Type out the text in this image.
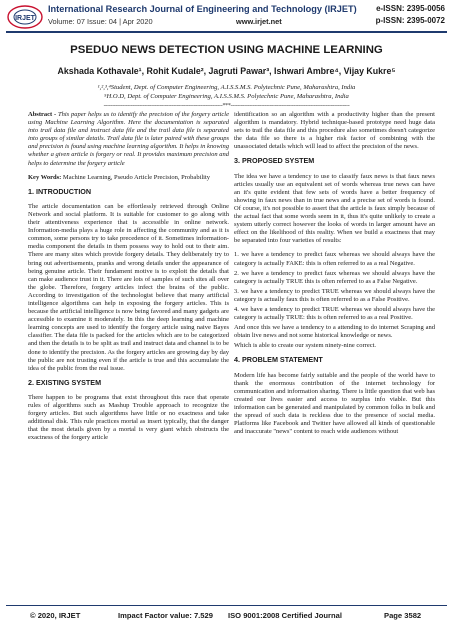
IRJET
International Research Journal of Engineering and Technology (IRJET) e-ISSN: 2395-0056
Volume: 07 Issue: 04 | Apr 2020	www.irjet.net	p-ISSN: 2395-0072
PSEDUO NEWS DETECTION USING MACHINE LEARNING
Akshada Kothavale¹, Rohit Kudale², Jagruti Pawar³, Ishwari Ambre⁴, Vijay Kukre⁵
¹,²,³,⁴Student, Dept. of Computer Engineering, A.I.S.S.M.S. Polytechnic Pune, Maharashtra, India
⁵H.O.D, Dept. of Computer Engineering, A.I.S.S.M.S. Polytechnic Pune, Maharashtra, India
----------------------------------------------------------------------***----------------------------------------------------------------------

Abstract - This paper helps us to identify the precision of the forgery article using Machine Learning Algorithm. Here the documentation is separated into trail data file and instruct data file and the trail data file is separated into groups of similar details. Trail data file is later paired with these groups and precision is found using machine learning algorithm. It helps in knowing whether a given article is forgery or real. It provides maximum precision and helps to determine the forgery article

Key Words: Machine Learning, Pseudo Article Precision, Probability

1. INTRODUCTION

The article documentation can be effortlessly retrieved through Online Network and social platform. It is suitable for customer to go along with their attentiveness experience that is accessible in online network. Information-media plays a huge role in affecting the community and as it is common, some persons try to take precedence of it. Sometimes information- media component the details in them possess way to hold out to their aim. There are many sites which provide forgery details. They deliberately try to bring out advertisements, pranks and wrong details under the appearance of being genuine article. Their fundament motive is to exploit the details that can make audience trust in it. There are lots of samples of such sites all over the globe. Therefore, forgery articles infect the brains of the public. According to investigation of the technologist believe that many artificial intelligence algorithms can help in exposing the forgery articles. This is because the artificial intelligence is now being favored and many gadgets are accessible to examine it moderately. In this the deep learning and machine learning concepts are used to identify the forgery article using naive Bayes classifier. The data file is packed for the articles which are to be categorized and then the details is to be split as trail and instruct data and channel is to be done to identify the precision. As the forgery articles are growing day by day the public are not trusting even if the article is true and this accumulate the idea of the public from the real issue.

2. EXISTING SYSTEM

There happen to be programs that exist throughout this race that operate rules of algorithms such as Mashup Trouble approach to recognize the forgery articles. But such algorithms have little or no exactness and take additional disk. This rule practices mortal as insert typically, that the danger that the most details given by a mortal is very giant which obstructs the exactness of the forgery article

identification so an algorithm with a productivity higher than the present algorithm is mandatory. Hybrid technique-based prototype need huge data sets to trail the data file and this procedure also sometimes doesn't categorize the data file so there is a higher risk factor of combining with the unassociated details which will lead to affect the precision of the news.

3. PROPOSED SYSTEM

The idea we have a tendency to use to classify faux news is that faux news articles usually use an equivalent set of words whereas true news can have an it's quite evident that few sets of words have a better frequency of showing in faux news than in true news and a precise set of words is found. Of course, it's not possible to assert that the article is faux simply because of the actual fact that some words seem in it, thus it's quite unlikely to create a system utterly correct however the looks of words in larger amount have an effect on the likelihood of this reality. When we build a exactness that may be separated into four varieties of results:

1. we have a tendency to predict faux whereas we should always have the category is actually FAKE: this is often referred to as a real Negative.

2. we have a tendency to predict faux whereas we should always have the category is actually TRUE this is often referred to as a False Negative.

3. we have a tendency to predict TRUE whereas we should always have the category is actually faux this is often referred to as a False Positive.

4. we have a tendency to predict TRUE whereas we should always have the category is actually TRUE: this is often referred to as a real Positive.

And once this we have a tendency to a attending to do internet Scraping and obtain live news and not some historical knowledge or news.

Which is able to create our system ninety-nine correct.

4. PROBLEM STATEMENT

Modern life has become fairly suitable and the people of the world have to thank the enormous contribution of the internet technology for communication and information sharing. There is little question that web has created our lives easier and access to surplus info viable. But this information can be generated and manipulated by common folks in bulk and the spread of such data is reckless due to the presence of social media. Platforms like Facebook and Twitter have allowed all kinds of questionable and inaccurate "news" content to reach wide audiences without

© 2020, IRJET	Impact Factor value: 7.529 ISO 9001:2008 Certified Journal	Page 3582
